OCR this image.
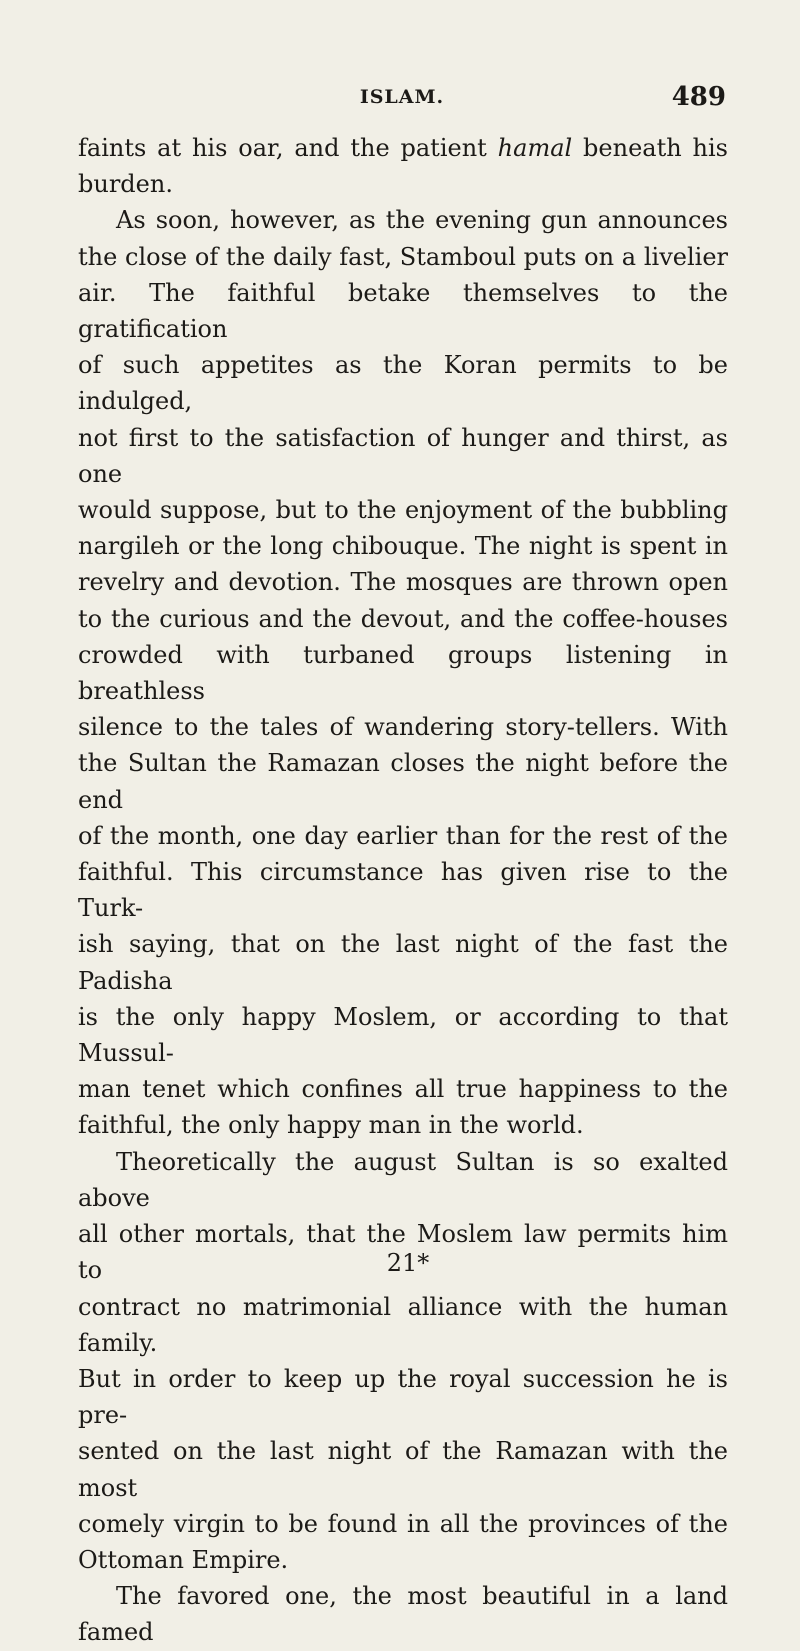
ISLAM.	489

faints at his oar, and the patient hamal beneath his

burden.

As soon, however, as the evening gun announces

the close of the daily fast, Stamboul puts on a livelier

air. The faithful betake themselves to the gratification

of such appetites as the Koran permits to be indulged,

not first to the satisfaction of hunger and thirst, as one

would suppose, but to the enjoyment of the bubbling

nargileh or the long chibouque. The night is spent in

revelry and devotion. The mosques are thrown open

to the curious and the devout, and the coffee-houses

crowded with turbaned groups listening in breathless

silence to the tales of wandering story-tellers. With

the Sultan the Ramazan closes the night before the end

of the month, one day earlier than for the rest of the

faithful. This circumstance has given rise to the Turk-

ish saying, that on the last night of the fast the Padisha

is the only happy Moslem, or according to that Mussul-

man tenet which confines all true happiness to the

faithful, the only happy man in the world.

Theoretically the august Sultan is so exalted above

all other mortals, that the Moslem law permits him to

contract no matrimonial alliance with the human family.

But in order to keep up the royal succession he is pre-

sented on the last night of the Ramazan with the most

comely virgin to be found in all the provinces of the

Ottoman Empire.

The favored one, the most beautiful in a land famed

21*
